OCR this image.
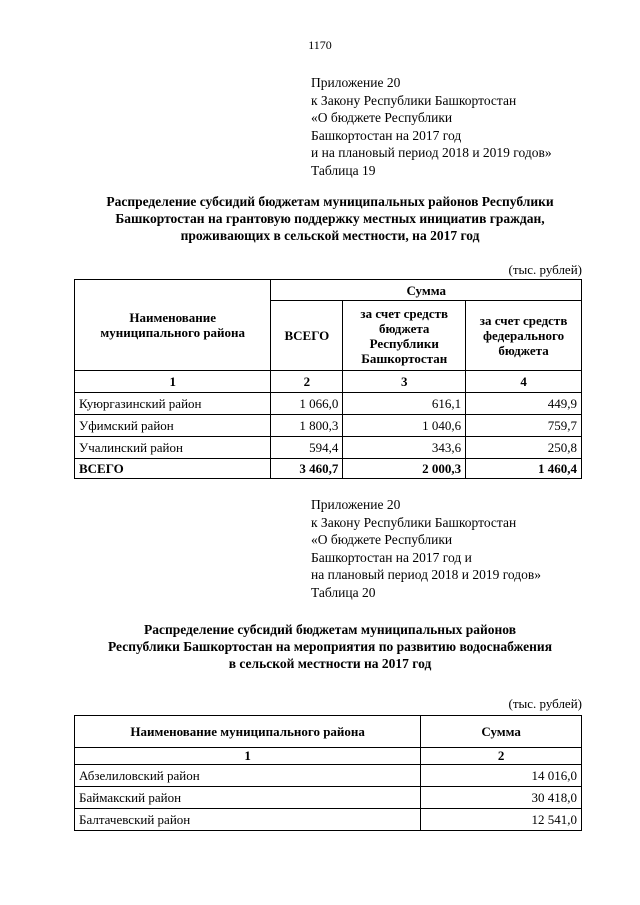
1170
Приложение 20
к Закону Республики Башкортостан
«О бюджете Республики
Башкортостан на 2017 год
и на плановый период 2018 и 2019 годов»
Таблица 19
Распределение субсидий бюджетам муниципальных районов Республики
Башкортостан на грантовую поддержку местных инициатив граждан,
проживающих в сельской местности, на 2017 год
(тыс. рублей)
Наименование муниципального района	Сумма		
	ВСЕГО	за счет средств бюджета Республики Башкортостан	за счет средств федерального бюджета
1	2	3	4
Куюргазинский район	1 066,0	616,1	449,9
Уфимский район	1 800,3	1 040,6	759,7
Учалинский район	594,4	343,6	250,8
ВСЕГО	3 460,7	2 000,3	1 460,4
Приложение 20
к Закону Республики Башкортостан
«О бюджете Республики
Башкортостан на 2017 год и
на плановый период 2018 и 2019 годов»
Таблица 20
Распределение субсидий бюджетам муниципальных районов
Республики Башкортостан на мероприятия по развитию водоснабжения
в сельской местности на 2017 год
(тыс. рублей)
Наименование муниципального района	Сумма
1	2
Абзелиловский район	14 016,0
Баймакский район	30 418,0
Балтачевский район	12 541,0
